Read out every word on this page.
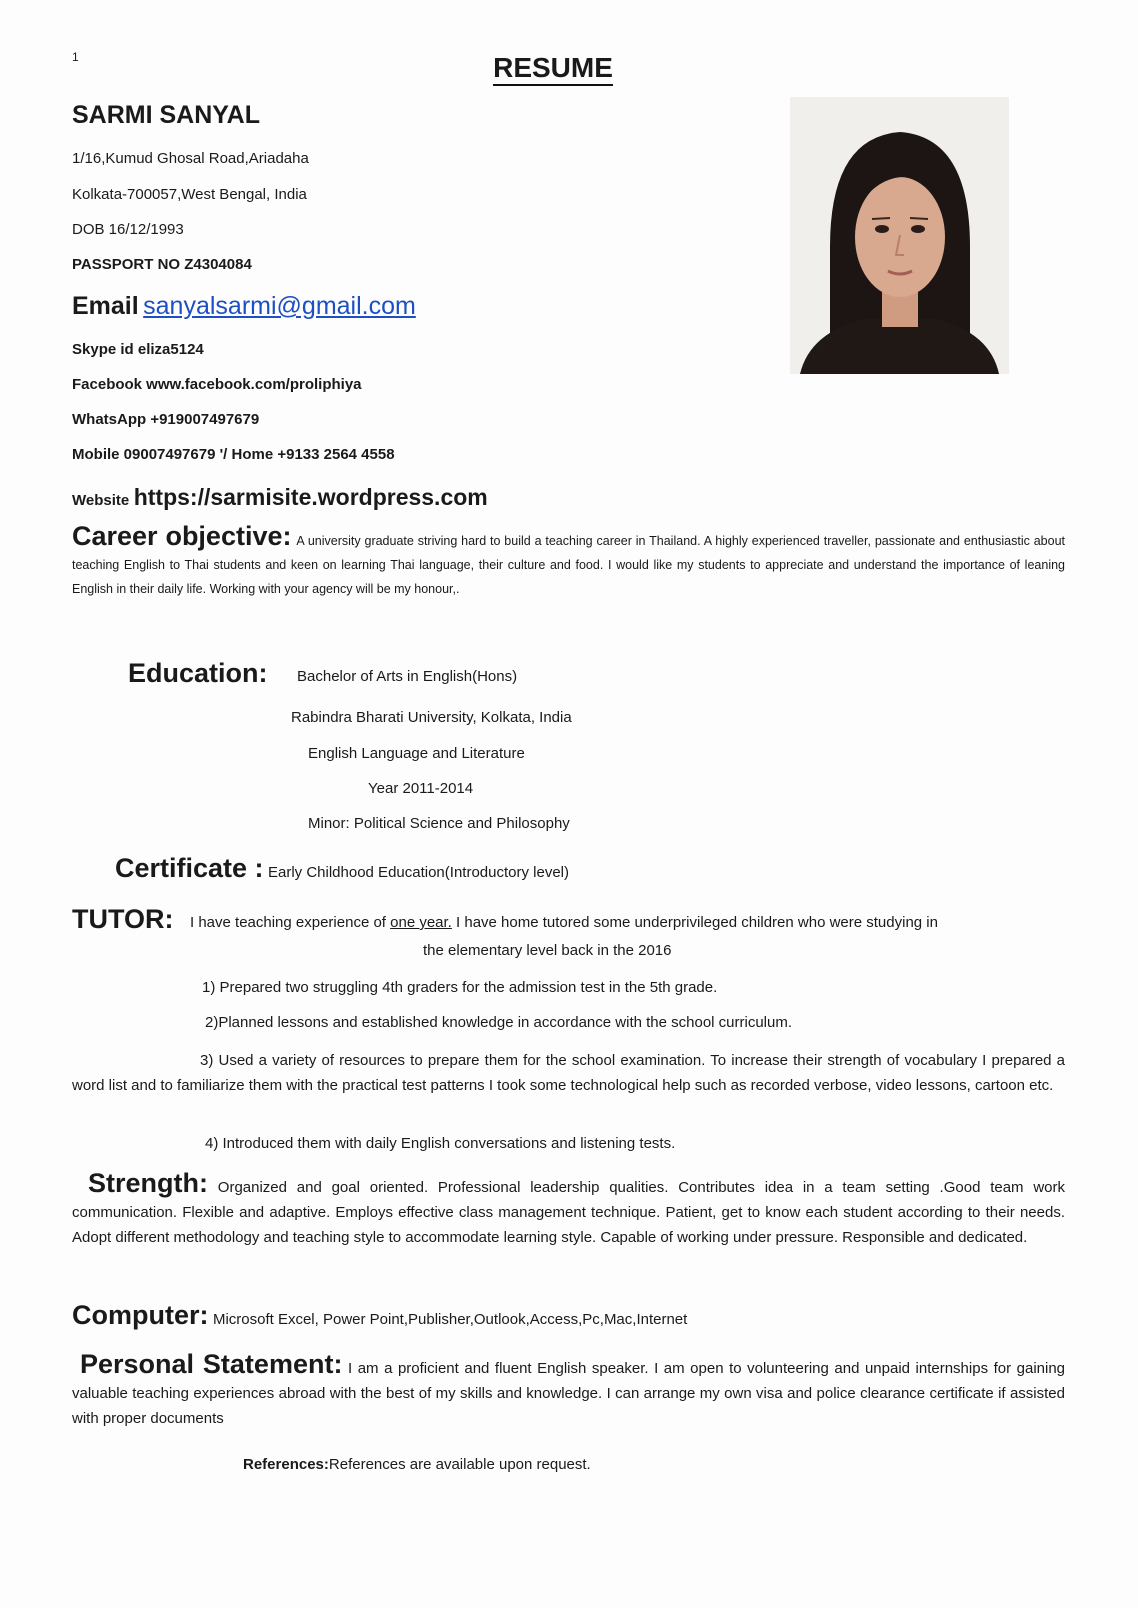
1	RESUME
SARMI SANYAL
1/16,Kumud Ghosal Road,Ariadaha
Kolkata-700057,West Bengal, India
DOB 16/12/1993
PASSPORT NO Z4304084
Email sanyalsarmi@gmail.com
Skype id eliza5124
Facebook www.facebook.com/proliphiya
WhatsApp +919007497679
Mobile 09007497679 '/ Home +9133 2564 4558
Website https://sarmisite.wordpress.com
Career objective: A university graduate striving hard to build a teaching career in Thailand. A highly experienced traveller, passionate and enthusiastic about teaching English to Thai students and keen on learning Thai language, their culture and food. I would like my students to appreciate and understand the importance of leaning English in their daily life. Working with your agency will be my honour,.
Education: Bachelor of Arts in English(Hons)
Rabindra Bharati University, Kolkata, India
English Language and Literature
Year 2011-2014
Minor: Political Science and Philosophy
Certificate : Early Childhood Education(Introductory level)
TUTOR: I have teaching experience of one year. I have home tutored some underprivileged children who were studying in
the elementary level back in the 2016
1) Prepared two struggling 4th graders for the admission test in the 5th grade.
2)Planned lessons and established knowledge in accordance with the school curriculum.
3) Used a variety of resources to prepare them for the school examination. To increase their strength of vocabulary I prepared a word list and to familiarize them with the practical test patterns I took some technological help such as recorded verbose, video lessons, cartoon etc.
4) Introduced them with daily English conversations and listening tests.
Strength: Organized and goal oriented. Professional leadership qualities. Contributes idea in a team setting .Good team work communication. Flexible and adaptive. Employs effective class management technique. Patient, get to know each student according to their needs. Adopt different methodology and teaching style to accommodate learning style. Capable of working under pressure. Responsible and dedicated.
Computer: Microsoft Excel, Power Point,Publisher,Outlook,Access,Pc,Mac,Internet
Personal Statement: I am a proficient and fluent English speaker. I am open to volunteering and unpaid internships for gaining valuable teaching experiences abroad with the best of my skills and knowledge. I can arrange my own visa and police clearance certificate if assisted with proper documents
References:References are available upon request.
